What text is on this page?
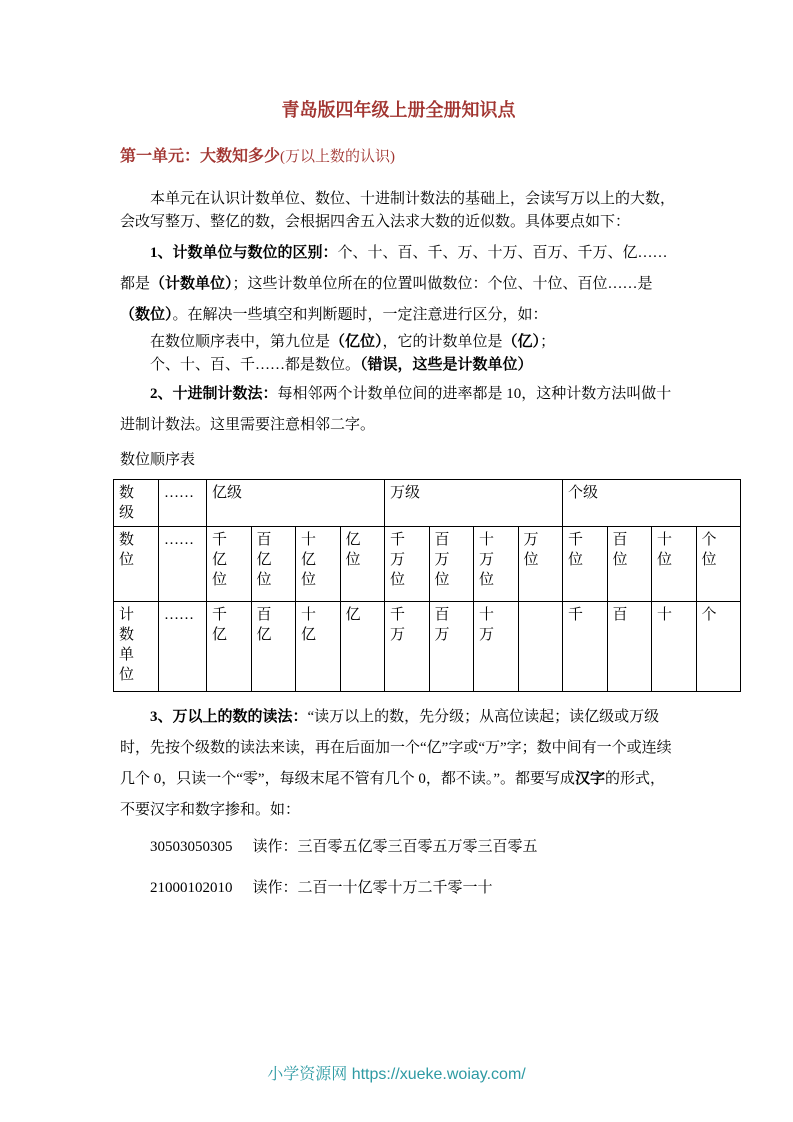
青岛版四年级上册全册知识点
第一单元：大数知多少(万以上数的认识)

本单元在认识计数单位、数位、十进制计数法的基础上，会读写万以上的大数，会改写整万、整亿的数，会根据四舍五入法求大数的近似数。具体要点如下：

1、计数单位与数位的区别：个、十、百、千、万、十万、百万、千万、亿……都是（计数单位）；这些计数单位所在的位置叫做数位：个位、十位、百位……是（数位）。在解决一些填空和判断题时，一定注意进行区分，如：

在数位顺序表中，第九位是（亿位），它的计数单位是（亿）；

个、十、百、千……都是数位。（错误，这些是计数单位）

2、十进制计数法：每相邻两个计数单位间的进率都是 10，这种计数方法叫做十进制计数法。这里需要注意相邻二字。

数位顺序表

数级	……	亿级				万级				个级			
数位	……	千亿位	百亿位	十亿位	亿位	千万位	百万位	十万位	万位	千位	百位	十位	个位
计数单位	……	千亿	百亿	十亿	亿	千万	百万	十万		千	百	十	个

3、万以上的数的读法：“读万以上的数，先分级；从高位读起；读亿级或万级时，先按个级数的读法来读，再在后面加一个“亿”字或“万”字；数中间有一个或连续几个 0，只读一个“零”，每级末尾不管有几个 0，都不读。”。都要写成汉字的形式，不要汉字和数字掺和。如：

30503050305 读作：三百零五亿零三百零五万零三百零五

21000102010 读作：二百一十亿零十万二千零一十

小学资源网 https://xueke.woiay.com/
